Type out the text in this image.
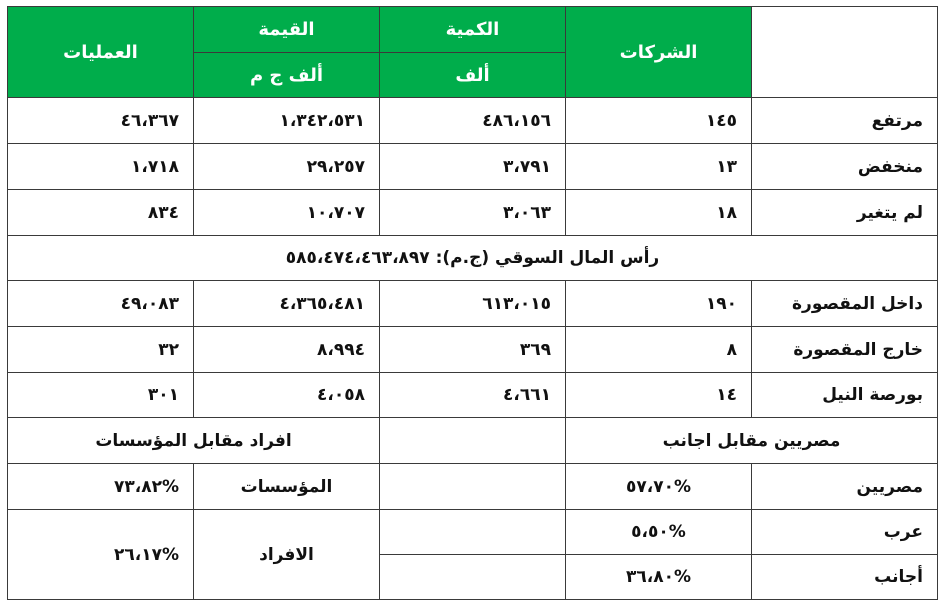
	الشركات	الكمية	القيمة	العمليات
		ألف	ألف ج م	
مرتفع	١٤٥	٤٨٦،١٥٦	١،٣٤٢،٥٣١	٤٦،٣٦٧
منخفض	١٣	٣،٧٩١	٢٩،٢٥٧	١،٧١٨
لم يتغير	١٨	٣،٠٦٣	١٠،٧٠٧	٨٣٤
رأس المال السوقي (ج.م): ٥٨٥،٤٧٤،٤٦٣،٨٩٧				
داخل المقصورة	١٩٠	٦١٣،٠١٥	٤،٣٦٥،٤٨١	٤٩،٠٨٣
خارج المقصورة	٨	٣٦٩	٨،٩٩٤	٣٢
بورصة النيل	١٤	٤،٦٦١	٤،٠٥٨	٣٠١
مصريين مقابل اجانب			افراد مقابل المؤسسات	
مصريين	%٥٧،٧٠		المؤسسات	%٧٣،٨٢
عرب	%٥،٥٠		الافراد	%٢٦،١٧
أجانب	%٣٦،٨٠			
